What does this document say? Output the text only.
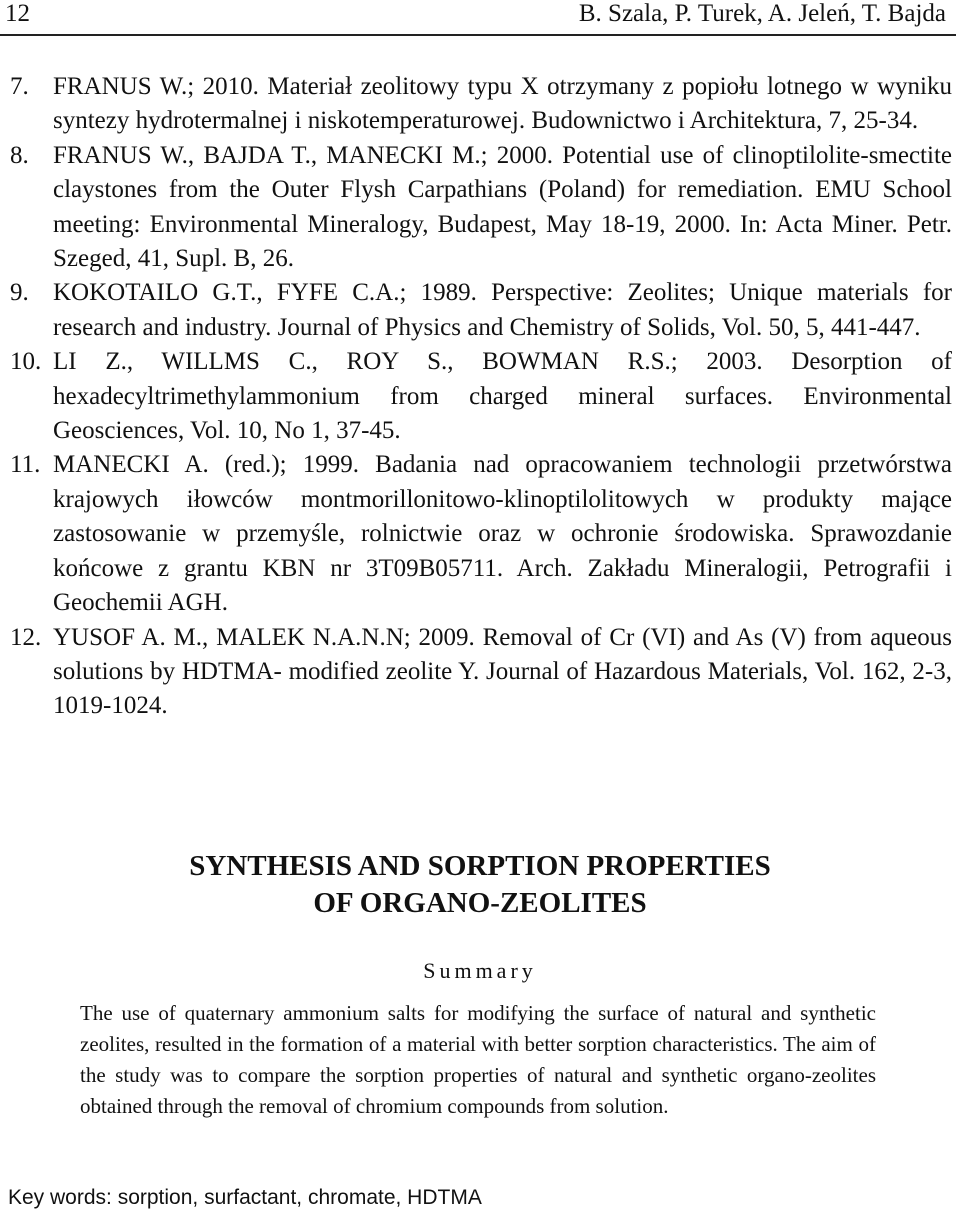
12	B. Szala, P. Turek, A. Jeleń, T. Bajda
7. FRANUS W.; 2010. Materiał zeolitowy typu X otrzymany z popiołu lotnego w wyniku syntezy hydrotermalnej i niskotemperaturowej. Budownictwo i Architektura, 7, 25-34.
8. FRANUS W., BAJDA T., MANECKI M.; 2000. Potential use of clinoptilolite-smectite claystones from the Outer Flysh Carpathians (Poland) for remediation. EMU School meeting: Environmental Mineralogy, Budapest, May 18-19, 2000. In: Acta Miner. Petr. Szeged, 41, Supl. B, 26.
9. KOKOTAILO G.T., FYFE C.A.; 1989. Perspective: Zeolites; Unique materials for research and industry. Journal of Physics and Chemistry of Solids, Vol. 50, 5, 441-447.
10. LI Z., WILLMS C., ROY S., BOWMAN R.S.; 2003. Desorption of hexadecyltrimethylammonium from charged mineral surfaces. Environmental Geosciences, Vol. 10, No 1, 37-45.
11. MANECKI A. (red.); 1999. Badania nad opracowaniem technologii przetwórstwa krajowych iłowców montmorillonitowo-klinoptilolitowych w produkty mające zastosowanie w przemyśle, rolnictwie oraz w ochronie środowiska. Sprawozdanie końcowe z grantu KBN nr 3T09B05711. Arch. Zakładu Mineralogii, Petrografii i Geochemii AGH.
12. YUSOF A. M., MALEK N.A.N.N; 2009. Removal of Cr (VI) and As (V) from aqueous solutions by HDTMA- modified zeolite Y. Journal of Hazardous Materials, Vol. 162, 2-3, 1019-1024.
SYNTHESIS AND SORPTION PROPERTIES
OF ORGANO-ZEOLITES
Summary
The use of quaternary ammonium salts for modifying the surface of natural and synthetic zeolites, resulted in the formation of a material with better sorption characteristics. The aim of the study was to compare the sorption properties of natural and synthetic organo-zeolites obtained through the removal of chromium compounds from solution.
Key words: sorption, surfactant, chromate, HDTMA
